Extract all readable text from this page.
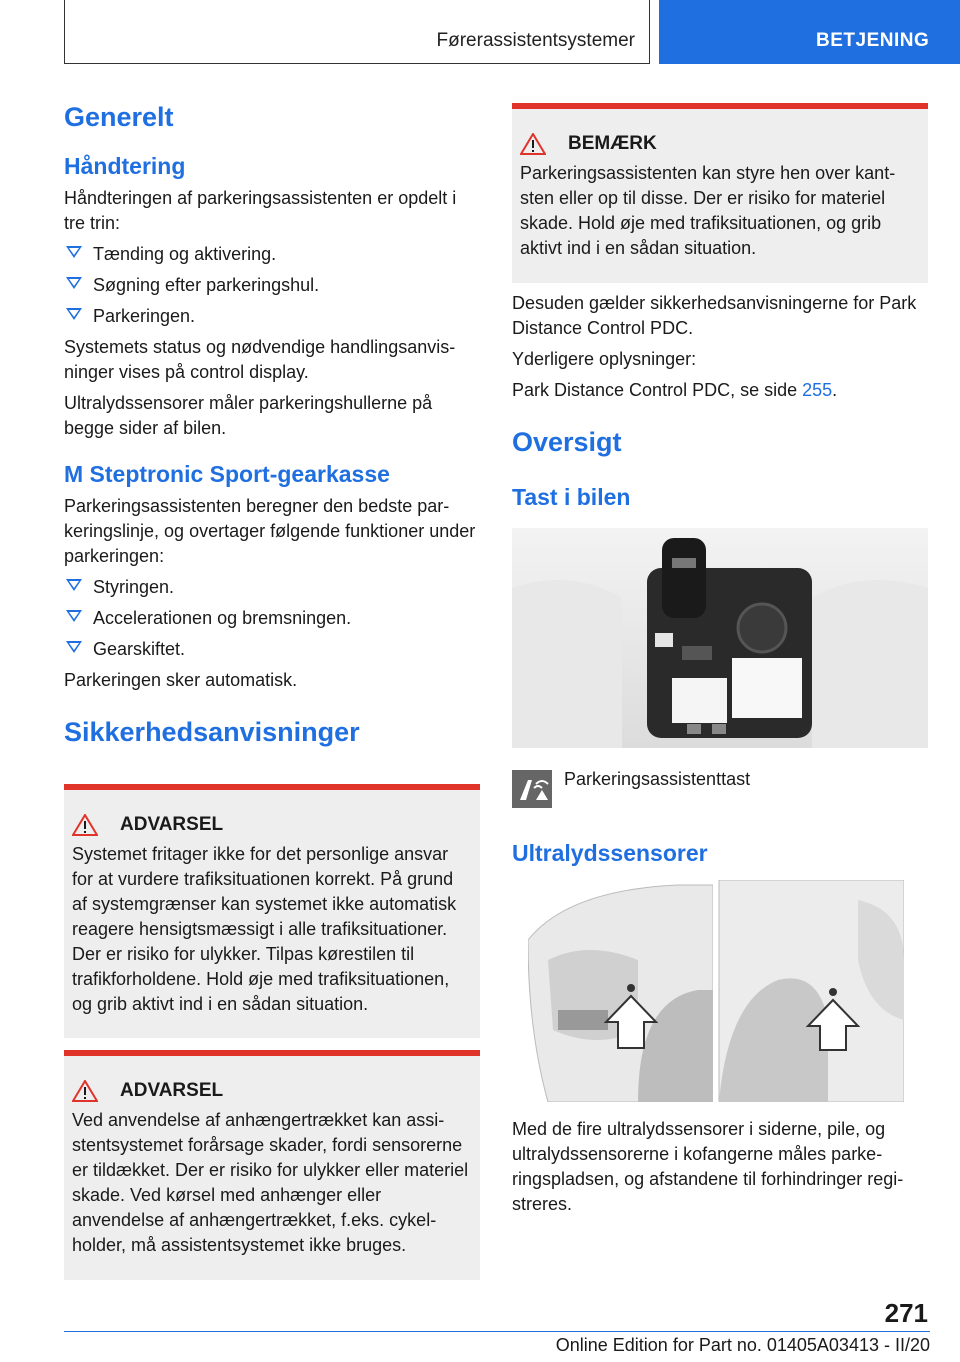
Førerassistentsystemer	BETJENING
Generelt
Håndtering

Håndteringen af parkeringsassistenten er opdelt i tre trin:

Tænding og aktivering.
Søgning efter parkeringshul.
Parkeringen.

Systemets status og nødvendige handlingsanvisninger vises på control display.

Ultralydssensorer måler parkeringshullerne på begge sider af bilen.

M Steptronic Sport-gearkasse

Parkeringsassistenten beregner den bedste parkeringslinje, og overtager følgende funktioner under parkeringen:

Styringen.
Accelerationen og bremsningen.
Gearskiftet.

Parkeringen sker automatisk.

Sikkerhedsanvisninger
ADVARSEL

Systemet fritager ikke for det personlige ansvar for at vurdere trafiksituationen korrekt. På grund af systemgrænser kan systemet ikke automatisk reagere hensigtsmæssigt i alle trafiksituationer. Der er risiko for ulykker. Tilpas kørestilen til trafikforholdene. Hold øje med trafiksituationen, og grib aktivt ind i en sådan situation.

ADVARSEL

Ved anvendelse af anhængertrækket kan assistentsystemet forårsage skader, fordi sensorerne er tildækket. Der er risiko for ulykker eller materiel skade. Ved kørsel med anhænger eller anvendelse af anhængertrækket, f.eks. cykelholder, må assistentsystemet ikke bruges.

BEMÆRK

Parkeringsassistenten kan styre hen over kantsten eller op til disse. Der er risiko for materiel skade. Hold øje med trafiksituationen, og grib aktivt ind i en sådan situation.

Desuden gælder sikkerhedsanvisningerne for Park Distance Control PDC.

Yderligere oplysninger:

Park Distance Control PDC, se side 255.

Oversigt
Tast i bilen
Parkeringsassistenttast
Ultralydssensorer

Med de fire ultralydssensorer i siderne, pile, og ultralydssensorerne i kofangerne måles parkeringspladsen, og afstandene til forhindringer registreres.

271
Online Edition for Part no. 01405A03413 - II/20
